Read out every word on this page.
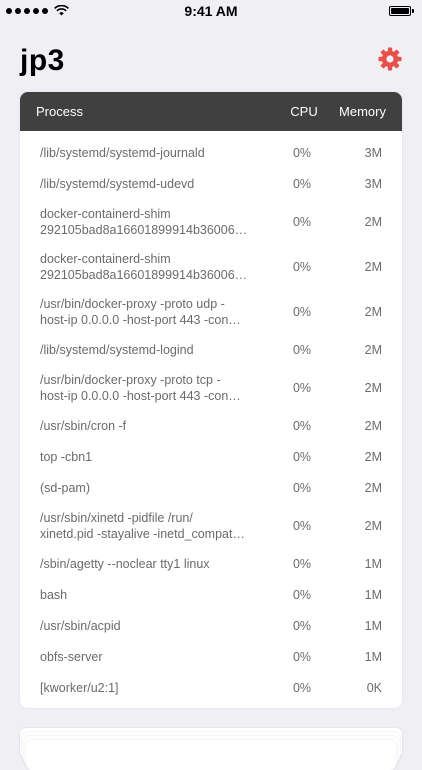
9:41 AM
jp3
Process	CPU	Memory
/lib/systemd/systemd-journald	0%	3M
/lib/systemd/systemd-udevd	0%	3M
docker-containerd-shim
292105bad8a16601899914b36006…
0%	2M
docker-containerd-shim
292105bad8a16601899914b36006…
0%	2M
/usr/bin/docker-proxy -proto udp -
host-ip 0.0.0.0 -host-port 443 -con…
0%	2M
/lib/systemd/systemd-logind	0%	2M
/usr/bin/docker-proxy -proto tcp -
host-ip 0.0.0.0 -host-port 443 -con…
0%	2M
/usr/sbin/cron -f	0%	2M
top -cbn1	0%	2M
(sd-pam)	0%	2M
/usr/sbin/xinetd -pidfile /run/
xinetd.pid -stayalive -inetd_compat…
0%	2M
/sbin/agetty --noclear tty1 linux	0%	1M
bash	0%	1M
/usr/sbin/acpid	0%	1M
obfs-server	0%	1M
[kworker/u2:1]	0%	0K
